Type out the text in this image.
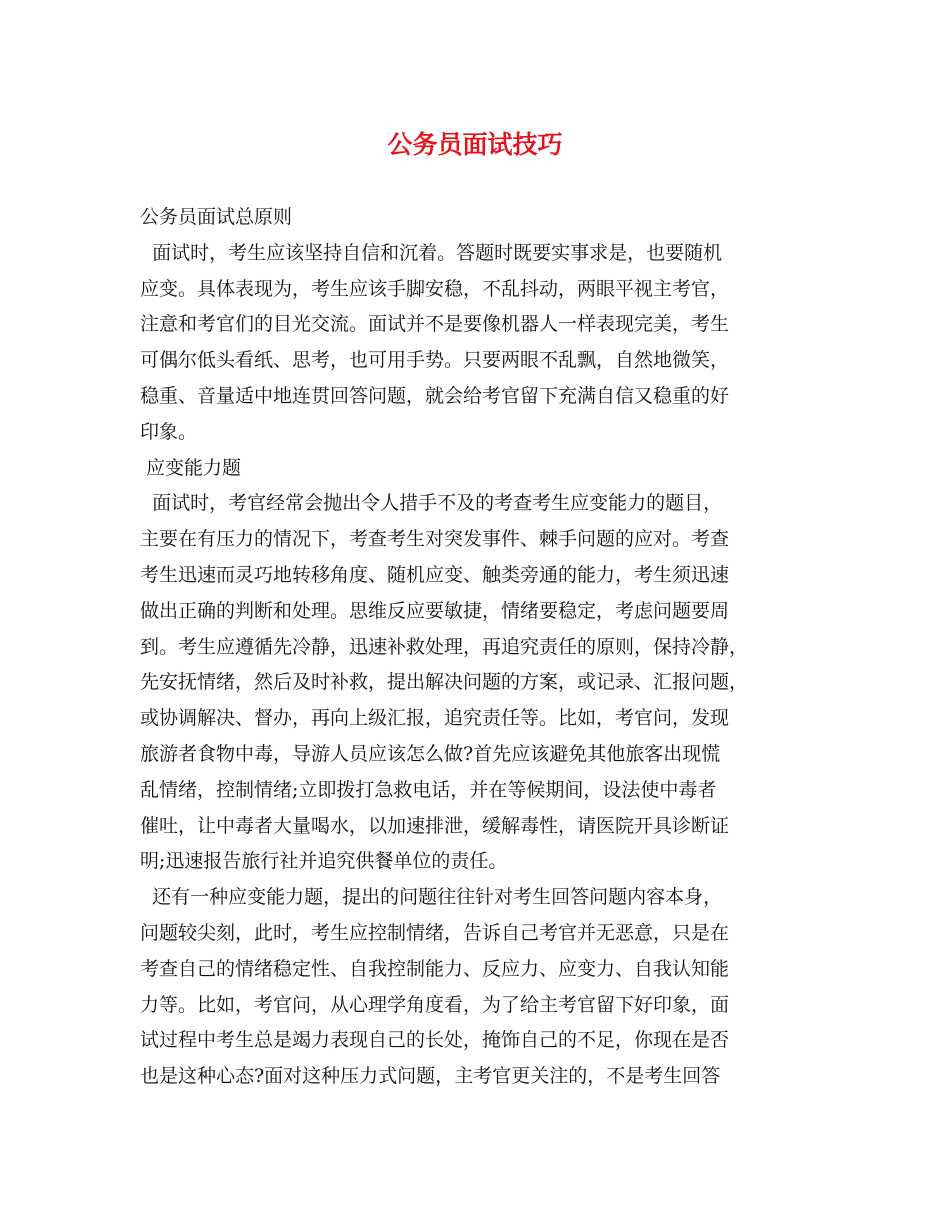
公务员面试技巧
公务员面试总原则
面试时，考生应该坚持自信和沉着。答题时既要实事求是，也要随机
应变。具体表现为，考生应该手脚安稳，不乱抖动，两眼平视主考官，
注意和考官们的目光交流。面试并不是要像机器人一样表现完美，考生
可偶尔低头看纸、思考，也可用手势。只要两眼不乱飘，自然地微笑，
稳重、音量适中地连贯回答问题，就会给考官留下充满自信又稳重的好
印象。
应变能力题
面试时，考官经常会抛出令人措手不及的考查考生应变能力的题目，
主要在有压力的情况下，考查考生对突发事件、棘手问题的应对。考查
考生迅速而灵巧地转移角度、随机应变、触类旁通的能力，考生须迅速
做出正确的判断和处理。思维反应要敏捷，情绪要稳定，考虑问题要周
到。考生应遵循先冷静，迅速补救处理，再追究责任的原则，保持冷静，
先安抚情绪，然后及时补救，提出解决问题的方案，或记录、汇报问题，
或协调解决、督办，再向上级汇报，追究责任等。比如，考官问，发现
旅游者食物中毒，导游人员应该怎么做?首先应该避免其他旅客出现慌
乱情绪，控制情绪;立即拨打急救电话，并在等候期间，设法使中毒者
催吐，让中毒者大量喝水，以加速排泄，缓解毒性，请医院开具诊断证
明;迅速报告旅行社并追究供餐单位的责任。
还有一种应变能力题，提出的问题往往针对考生回答问题内容本身，
问题较尖刻，此时，考生应控制情绪，告诉自己考官并无恶意，只是在
考查自己的情绪稳定性、自我控制能力、反应力、应变力、自我认知能
力等。比如，考官问，从心理学角度看，为了给主考官留下好印象，面
试过程中考生总是竭力表现自己的长处，掩饰自己的不足，你现在是否
也是这种心态?面对这种压力式问题，主考官更关注的，不是考生回答
